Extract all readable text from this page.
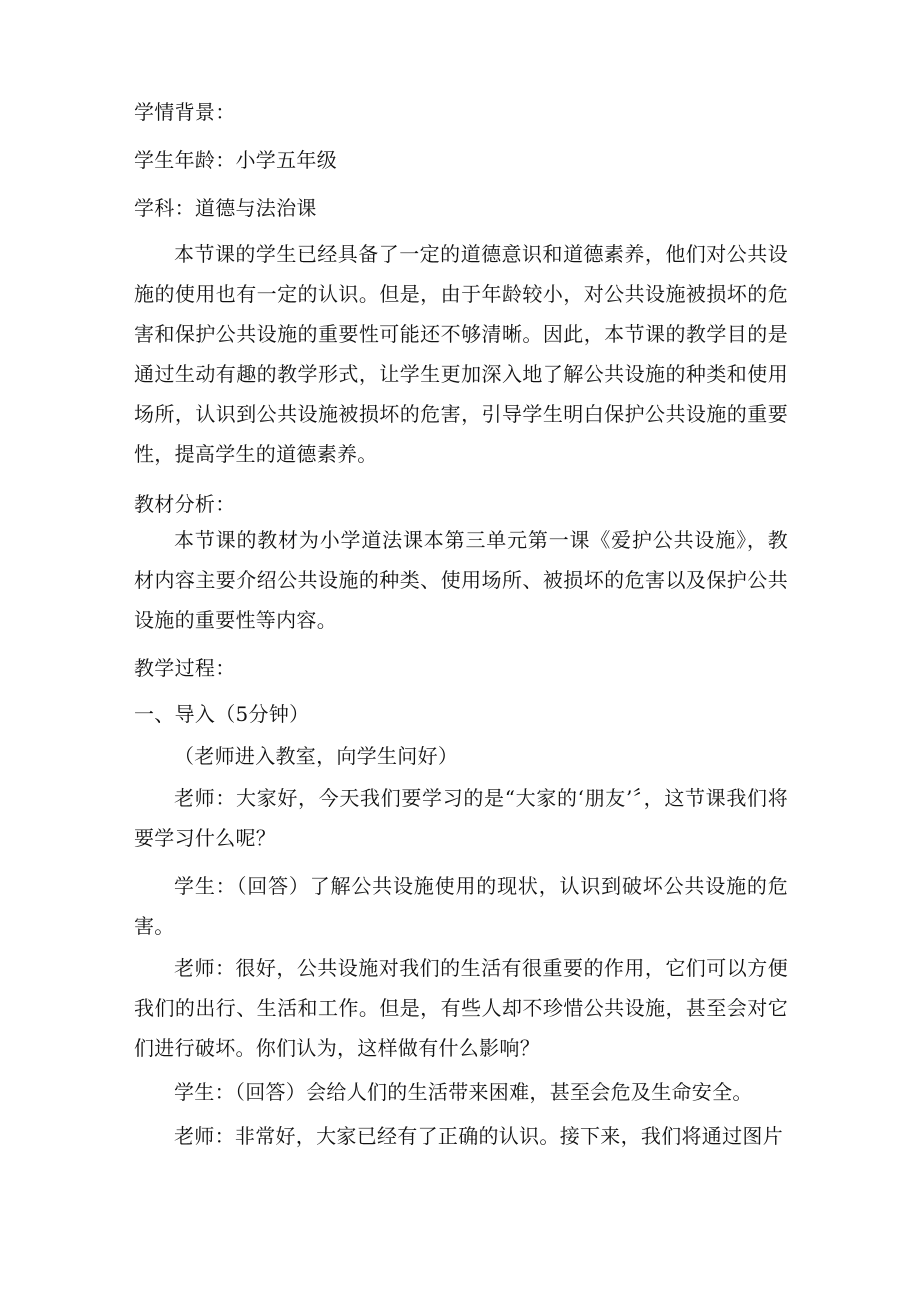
学情背景：
学生年龄：小学五年级
学科：道德与法治课
本节课的学生已经具备了一定的道德意识和道德素养，他们对公共设施的使用也有一定的认识。但是，由于年龄较小，对公共设施被损坏的危害和保护公共设施的重要性可能还不够清晰。因此，本节课的教学目的是通过生动有趣的教学形式，让学生更加深入地了解公共设施的种类和使用场所，认识到公共设施被损坏的危害，引导学生明白保护公共设施的重要性，提高学生的道德素养。
教材分析：
本节课的教材为小学道法课本第三单元第一课《爱护公共设施》，教材内容主要介绍公共设施的种类、使用场所、被损坏的危害以及保护公共设施的重要性等内容。
教学过程：
一、导入（5分钟）
（老师进入教室，向学生问好）
老师：大家好，今天我们要学习的是“大家的‘朋友’〞，这节课我们将要学习什么呢？
学生：（回答）了解公共设施使用的现状，认识到破坏公共设施的危害。
老师：很好，公共设施对我们的生活有很重要的作用，它们可以方便我们的出行、生活和工作。但是，有些人却不珍惜公共设施，甚至会对它们进行破坏。你们认为，这样做有什么影响？
学生：（回答）会给人们的生活带来困难，甚至会危及生命安全。
老师：非常好，大家已经有了正确的认识。接下来，我们将通过图片
